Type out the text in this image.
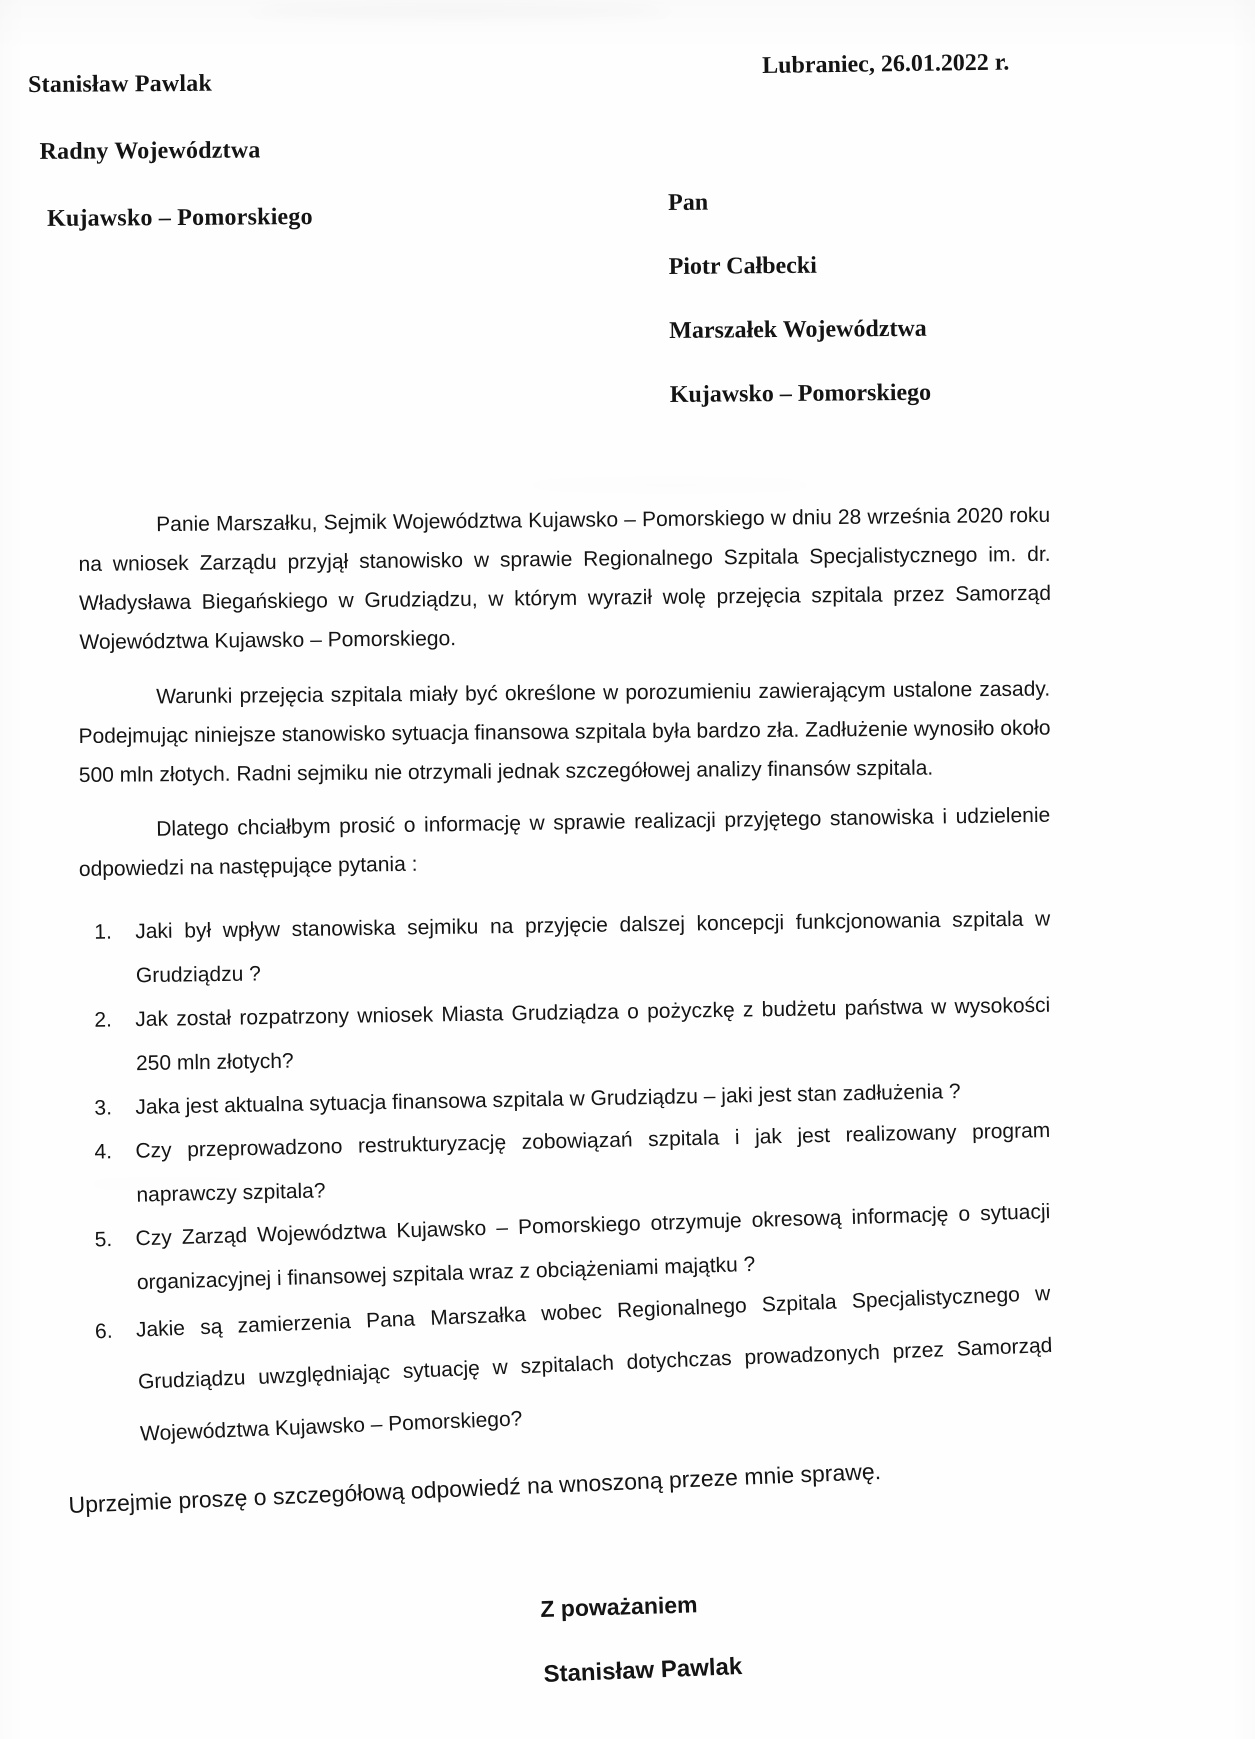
Stanisław Pawlak
Radny Województwa
Kujawsko – Pomorskiego
Lubraniec, 26.01.2022 r.
Pan
Piotr Całbecki
Marszałek Województwa
Kujawsko – Pomorskiego

Panie Marszałku, Sejmik Województwa Kujawsko – Pomorskiego w dniu 28 września 2020 roku na wniosek Zarządu przyjął stanowisko w sprawie Regionalnego Szpitala Specjalistycznego im. dr. Władysława Biegańskiego w Grudziądzu, w którym wyraził wolę przejęcia szpitala przez Samorząd Województwa Kujawsko – Pomorskiego.

Warunki przejęcia szpitala miały być określone w porozumieniu zawierającym ustalone zasady. Podejmując niniejsze stanowisko sytuacja finansowa szpitala była bardzo zła. Zadłużenie wynosiło około 500 mln złotych. Radni sejmiku nie otrzymali jednak szczegółowej analizy finansów szpitala.

Dlatego chciałbym prosić o informację w sprawie realizacji przyjętego stanowiska i udzielenie odpowiedzi na następujące pytania :

1. Jaki był wpływ stanowiska sejmiku na przyjęcie dalszej koncepcji funkcjonowania szpitala w Grudziądzu ?
2. Jak został rozpatrzony wniosek Miasta Grudziądza o pożyczkę z budżetu państwa w wysokości 250 mln złotych?
3. Jaka jest aktualna sytuacja finansowa szpitala w Grudziądzu – jaki jest stan zadłużenia ?
4. Czy przeprowadzono restrukturyzację zobowiązań szpitala i jak jest realizowany program naprawczy szpitala?
5. Czy Zarząd Województwa Kujawsko – Pomorskiego otrzymuje okresową informację o sytuacji organizacyjnej i finansowej szpitala wraz z obciążeniami majątku ?
6. Jakie są zamierzenia Pana Marszałka wobec Regionalnego Szpitala Specjalistycznego w Grudziądzu uwzględniając sytuację w szpitalach dotychczas prowadzonych przez Samorząd Województwa Kujawsko – Pomorskiego?
Uprzejmie proszę o szczegółową odpowiedź na wnoszoną przeze mnie sprawę.
Z poważaniem
Stanisław Pawlak
